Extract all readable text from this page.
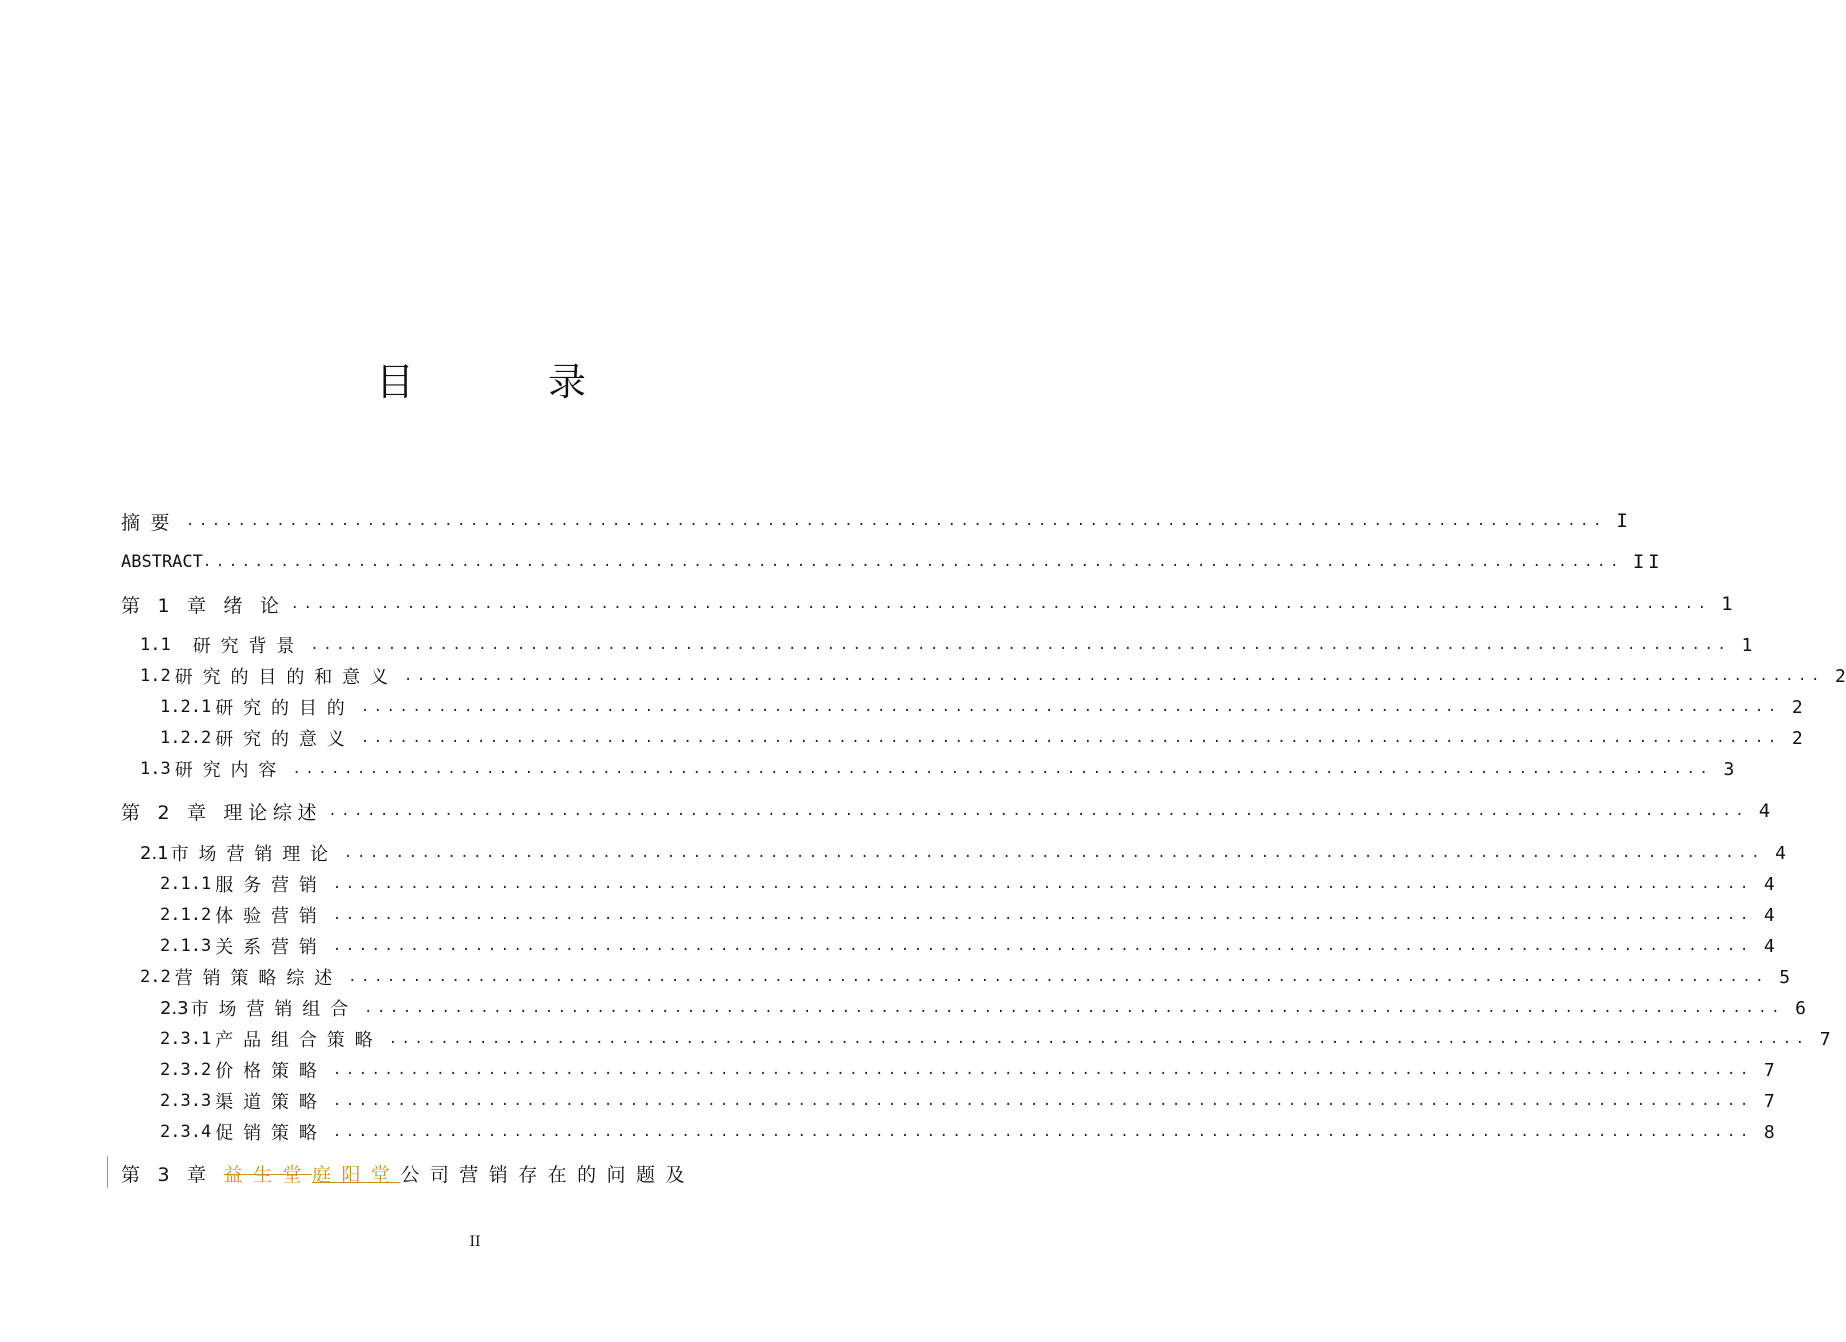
目	录
摘要 .............................................................................................................. I
ABSTRACT .............................................................................................................. II
第 1 章 绪 论 .............................................................................................................. 1
1.1 研究背景 .............................................................................................................. 1
1.2 研究的目的和意义 .............................................................................................................. 2
1.2.1 研究的目的 .............................................................................................................. 2
1.2.2 研究的意义 .............................................................................................................. 2
1.3 研究内容 .............................................................................................................. 3
第 2 章 理论综述 .............................................................................................................. 4
2.1 市场营销理论 .............................................................................................................. 4
2.1.1 服务营销 .............................................................................................................. 4
2.1.2 体验营销 .............................................................................................................. 4
2.1.3 关系营销 .............................................................................................................. 4
2.2 营销策略综述 .............................................................................................................. 5
2.3 市场营销组合 .............................................................................................................. 6
2.3.1 产品组合策略 .............................................................................................................. 7
2.3.2 价格策略 .............................................................................................................. 7
2.3.3 渠道策略 .............................................................................................................. 7
2.3.4 促销策略 .............................................................................................................. 8
第 3 章 益生堂 庭阳堂 公司营销存在的问题及
II
